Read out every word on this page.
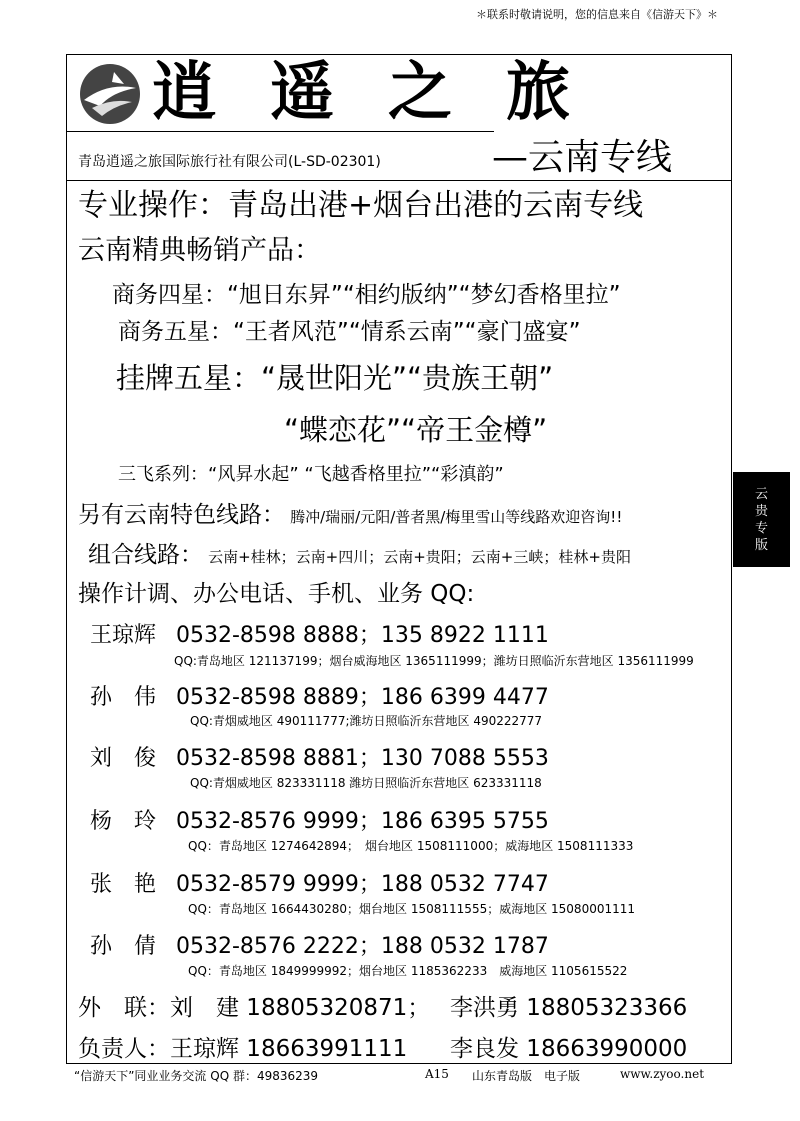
＊联系时敬请说明，您的信息来自《信游天下》＊
逍遥之旅
青岛逍遥之旅国际旅行社有限公司(L-SD-02301)	—云南专线
云
贵
专
版
专业操作：青岛出港+烟台出港的云南专线
云南精典畅销产品：
商务四星：“旭日东昇”“相约版纳”“梦幻香格里拉”
商务五星：“王者风范”“情系云南”“豪门盛宴”
挂牌五星：“晟世阳光”“贵族王朝”
“蝶恋花”“帝王金樽”
三飞系列：“风昇水起” “飞越香格里拉”“彩滇韵”
另有云南特色线路： 腾冲/瑞丽/元阳/普者黑/梅里雪山等线路欢迎咨询!!
组合线路： 云南+桂林；云南+四川；云南+贵阳；云南+三峡；桂林+贵阳
操作计调、办公电话、手机、业务 QQ:
王琼辉 0532-8598 8888；135 8922 1111
QQ:青岛地区 121137199；烟台威海地区 1365111999；潍坊日照临沂东营地区 1356111999
孙　伟 0532-8598 8889；186 6399 4477
QQ:青烟威地区 490111777;潍坊日照临沂东营地区 490222777
刘　俊 0532-8598 8881；130 7088 5553
QQ:青烟威地区 823331118 潍坊日照临沂东营地区 623331118
杨　玲 0532-8576 9999；186 6395 5755
QQ：青岛地区 1274642894；　烟台地区 1508111000；威海地区 1508111333
张　艳 0532-8579 9999；188 0532 7747
QQ：青岛地区 1664430280；烟台地区 1508111555；威海地区 15080001111
孙　倩 0532-8576 2222；188 0532 1787
QQ：青岛地区 1849999992；烟台地区 1185362233　威海地区 1105615522
外　联：刘　建 18805320871； 李洪勇 18805323366
负责人：王琼辉 18663991111 李良发 18663990000
“信游天下”同业业务交流 QQ 群：49836239	A15 山东青岛版　电子版	www.zyoo.net
